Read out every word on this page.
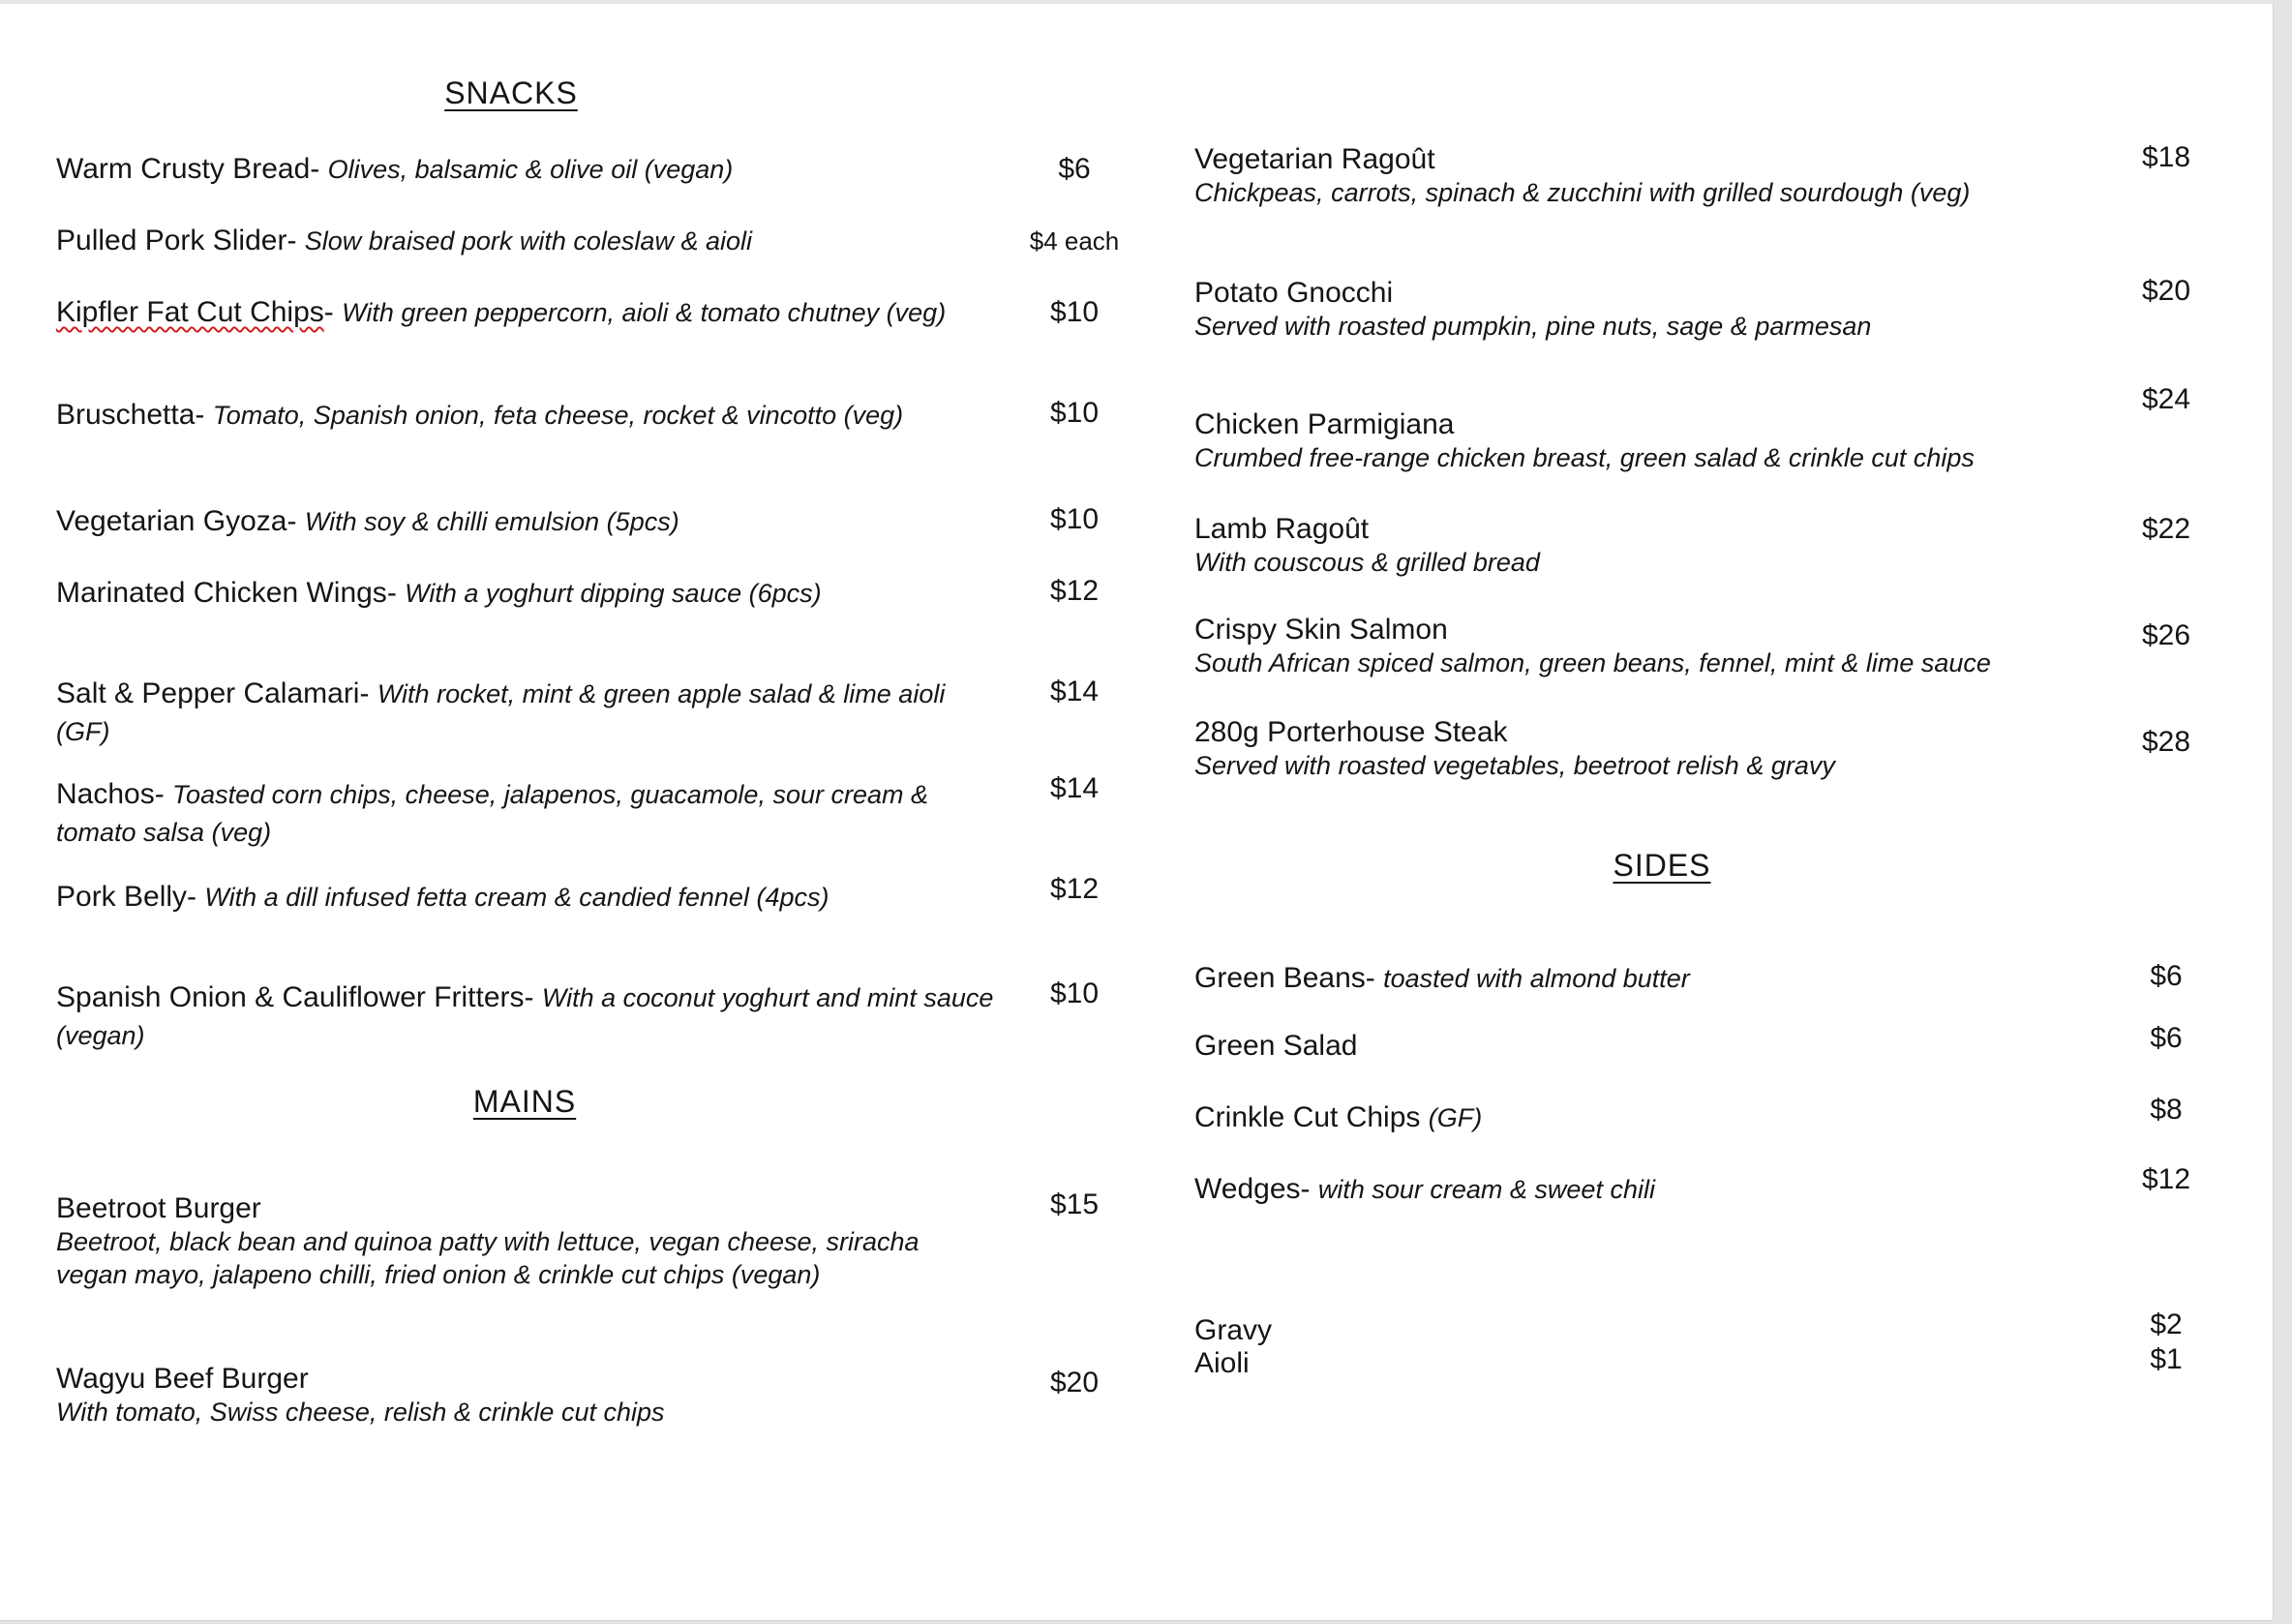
SNACKS
Warm Crusty Bread- Olives, balsamic & olive oil (vegan)	$6
Pulled Pork Slider- Slow braised pork with coleslaw & aioli	$4 each
Kipfler Fat Cut Chips- With green peppercorn, aioli & tomato chutney (veg)	$10
Bruschetta- Tomato, Spanish onion, feta cheese, rocket & vincotto (veg)	$10
Vegetarian Gyoza- With soy & chilli emulsion (5pcs)	$10
Marinated Chicken Wings- With a yoghurt dipping sauce (6pcs)	$12
Salt & Pepper Calamari- With rocket, mint & green apple salad & lime aioli (GF)
$14
Nachos- Toasted corn chips, cheese, jalapenos, guacamole, sour cream & tomato salsa (veg)
$14
Pork Belly- With a dill infused fetta cream & candied fennel (4pcs)	$12
Spanish Onion & Cauliflower Fritters- With a coconut yoghurt and mint sauce (vegan)
$10
MAINS
Beetroot Burger
Beetroot, black bean and quinoa patty with lettuce, vegan cheese, sriracha vegan mayo, jalapeno chilli, fried onion & crinkle cut chips (vegan)
$15
Wagyu Beef Burger
With tomato, Swiss cheese, relish & crinkle cut chips
$20
Vegetarian Ragoût
Chickpeas, carrots, spinach & zucchini with grilled sourdough (veg)
$18
Potato Gnocchi
Served with roasted pumpkin, pine nuts, sage & parmesan
$20
Chicken Parmigiana
Crumbed free-range chicken breast, green salad & crinkle cut chips
$24
Lamb Ragoût
With couscous & grilled bread
$22
Crispy Skin Salmon
South African spiced salmon, green beans, fennel, mint & lime sauce
$26
280g Porterhouse Steak
Served with roasted vegetables, beetroot relish & gravy
$28
SIDES
Green Beans- toasted with almond butter	$6
Green Salad	$6
Crinkle Cut Chips (GF)	$8
Wedges- with sour cream & sweet chili	$12
Gravy	$2
Aioli	$1
